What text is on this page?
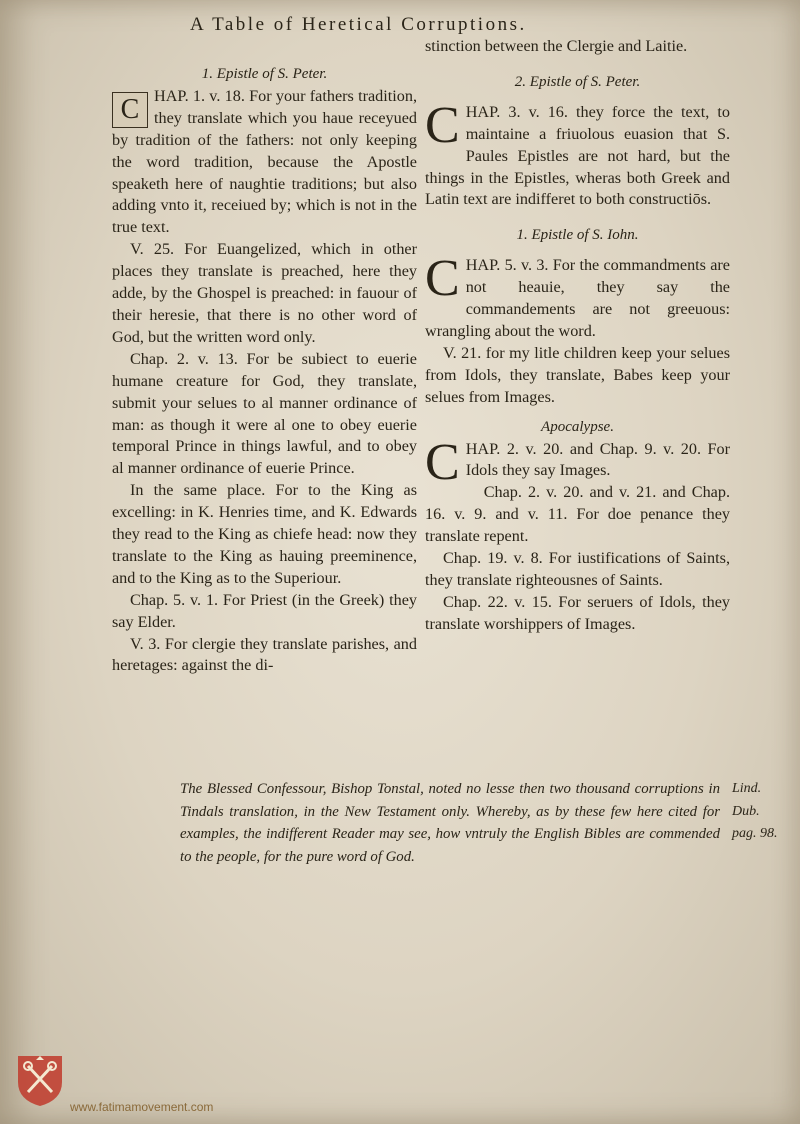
A Table of Heretical Corruptions.

1. Epistle of S. Peter.

C HAP. 1. v. 18. For your fathers tradition, they translate which you haue receyued by tradition of the fathers: not only keeping the word tradition, because the Apostle speaketh here of naughtie traditions; but also adding vnto it, receiued by; which is not in the true text.

V. 25. For Euangelized, which in other places they translate is preached, here they adde, by the Ghospel is preached: in fauour of their heresie, that there is no other word of God, but the written word only.

Chap. 2. v. 13. For be subiect to euerie humane creature for God, they translate, submit your selues to al manner ordinance of man: as though it were al one to obey euerie temporal Prince in things lawful, and to obey al manner ordinance of euerie Prince.

In the same place. For to the King as excelling: in K. Henries time, and K. Edwards they read to the King as chiefe head: now they translate to the King as hauing preeminence, and to the King as to the Superiour.

Chap. 5. v. 1. For Priest (in the Greek) they say Elder.

V. 3. For clergie they translate parishes, and heretages: against the di-

stinction between the Clergie and Laitie.

2. Epistle of S. Peter.

CHAP. 3. v. 16. they force the text, to maintaine a friuolous euasion that S. Paules Epistles are not hard, but the things in the Epistles, wheras both Greek and Latin text are indifferet to both constructiōs.

1. Epistle of S. Iohn.

CHAP. 5. v. 3. For the commandments are not heauie, they say the commandements are not greeuous: wrangling about the word.

V. 21. for my litle children keep your selues from Idols, they translate, Babes keep your selues from Images.

Apocalypse.

CHAP. 2. v. 20. and Chap. 9. v. 20. For Idols they say Images.

Chap. 2. v. 20. and v. 21. and Chap. 16. v. 9. and v. 11. For doe penance they translate repent.

Chap. 19. v. 8. For iustifications of Saints, they translate righteousnes of Saints.

Chap. 22. v. 15. For seruers of Idols, they translate worshippers of Images.

The Blessed Confessour, Bishop Tonstal, noted no lesse then two thousand corruptions in Tindals translation, in the New Testament only. Whereby, as by these few here cited for examples, the indifferent Reader may see, how vntruly the English Bibles are commended to the people, for the pure word of God.
Lind.
Dub.
pag. 98.
www.fatimamovement.com
